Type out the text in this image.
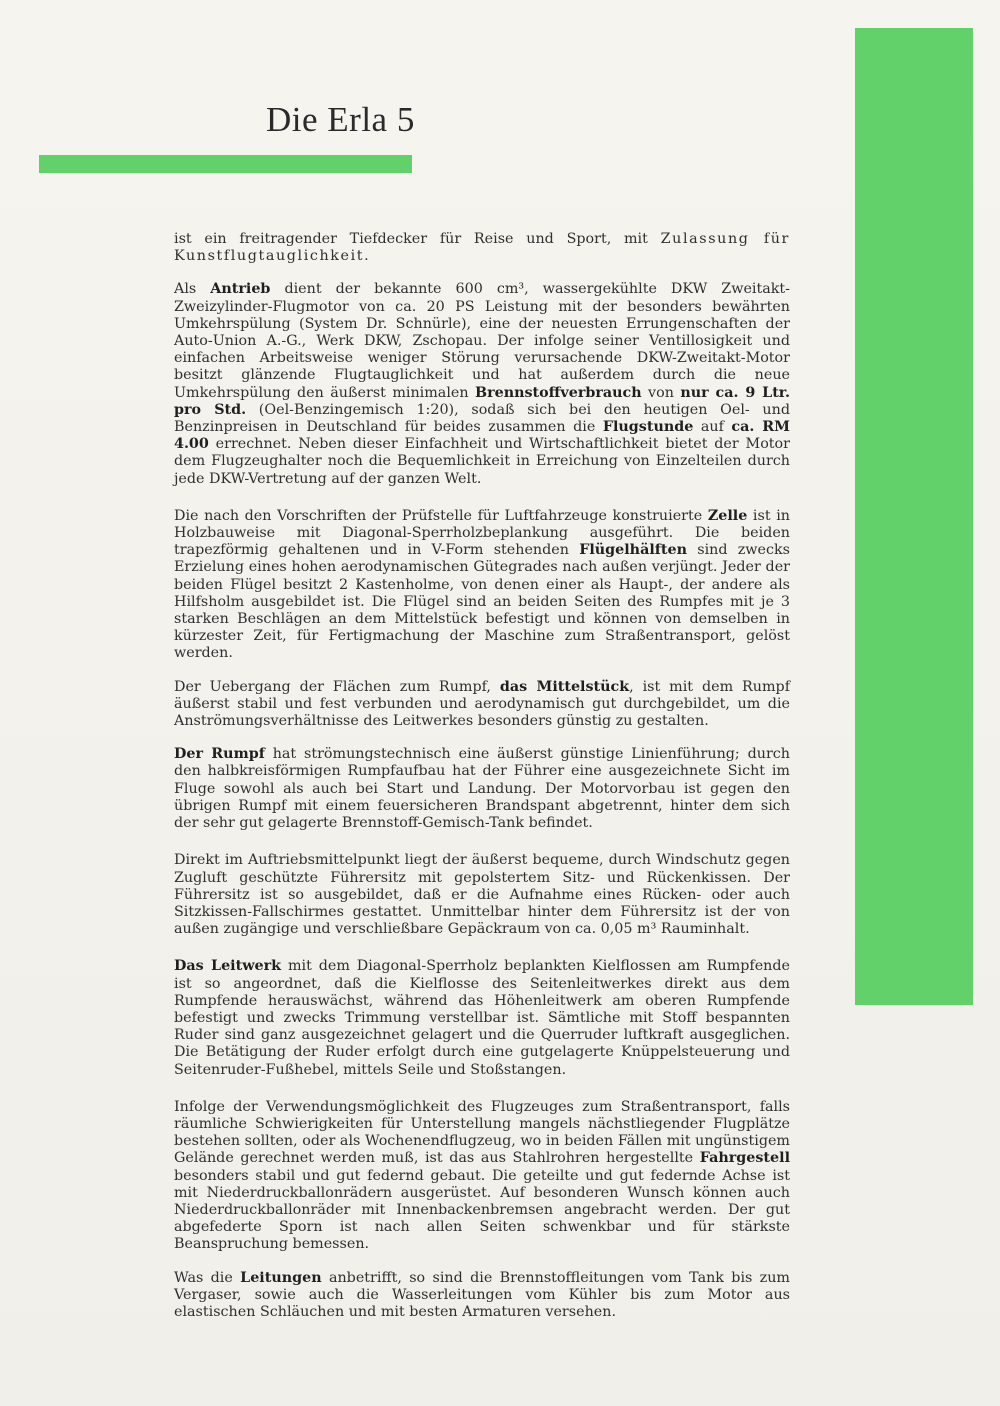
Die Erla 5

ist ein freitragender Tiefdecker für Reise und Sport, mit Zulassung für Kunstflugtauglichkeit.

Als Antrieb dient der bekannte 600 cm³, wassergekühlte DKW Zweitakt-Zweizylinder-Flugmotor von ca. 20 PS Leistung mit der besonders bewährten Umkehrspülung (System Dr. Schnürle), eine der neuesten Errungenschaften der Auto-Union A.-G., Werk DKW, Zschopau. Der infolge seiner Ventillosigkeit und einfachen Arbeitsweise weniger Störung verursachende DKW-Zweitakt-Motor besitzt glänzende Flugtauglichkeit und hat außerdem durch die neue Umkehrspülung den äußerst minimalen Brennstoffverbrauch von nur ca. 9 Ltr. pro Std. (Oel-Benzingemisch 1:20), sodaß sich bei den heutigen Oel- und Benzinpreisen in Deutschland für beides zusammen die Flugstunde auf ca. RM 4.00 errechnet. Neben dieser Einfachheit und Wirtschaftlichkeit bietet der Motor dem Flugzeughalter noch die Bequemlichkeit in Erreichung von Einzelteilen durch jede DKW-Vertretung auf der ganzen Welt.

Die nach den Vorschriften der Prüfstelle für Luftfahrzeuge konstruierte Zelle ist in Holzbauweise mit Diagonal-Sperrholzbeplankung ausgeführt. Die beiden trapezförmig gehaltenen und in V-Form stehenden Flügelhälften sind zwecks Erzielung eines hohen aerodynamischen Gütegrades nach außen verjüngt. Jeder der beiden Flügel besitzt 2 Kastenholme, von denen einer als Haupt-, der andere als Hilfsholm ausgebildet ist. Die Flügel sind an beiden Seiten des Rumpfes mit je 3 starken Beschlägen an dem Mittelstück befestigt und können von demselben in kürzester Zeit, für Fertigmachung der Maschine zum Straßentransport, gelöst werden.

Der Uebergang der Flächen zum Rumpf, das Mittelstück, ist mit dem Rumpf äußerst stabil und fest verbunden und aerodynamisch gut durchgebildet, um die Anströmungsverhältnisse des Leitwerkes besonders günstig zu gestalten.

Der Rumpf hat strömungstechnisch eine äußerst günstige Linienführung; durch den halbkreisförmigen Rumpfaufbau hat der Führer eine ausgezeichnete Sicht im Fluge sowohl als auch bei Start und Landung. Der Motorvorbau ist gegen den übrigen Rumpf mit einem feuersicheren Brandspant abgetrennt, hinter dem sich der sehr gut gelagerte Brennstoff-Gemisch-Tank befindet.

Direkt im Auftriebsmittelpunkt liegt der äußerst bequeme, durch Windschutz gegen Zugluft geschützte Führersitz mit gepolstertem Sitz- und Rückenkissen. Der Führersitz ist so ausgebildet, daß er die Aufnahme eines Rücken- oder auch Sitzkissen-Fallschirmes gestattet. Unmittelbar hinter dem Führersitz ist der von außen zugängige und verschließbare Gepäckraum von ca. 0,05 m³ Rauminhalt.

Das Leitwerk mit dem Diagonal-Sperrholz beplankten Kielflossen am Rumpfende ist so angeordnet, daß die Kielflosse des Seitenleitwerkes direkt aus dem Rumpfende herauswächst, während das Höhenleitwerk am oberen Rumpfende befestigt und zwecks Trimmung verstellbar ist. Sämtliche mit Stoff bespannten Ruder sind ganz ausgezeichnet gelagert und die Querruder luftkraft ausgeglichen. Die Betätigung der Ruder erfolgt durch eine gutgelagerte Knüppelsteuerung und Seitenruder-Fußhebel, mittels Seile und Stoßstangen.

Infolge der Verwendungsmöglichkeit des Flugzeuges zum Straßentransport, falls räumliche Schwierigkeiten für Unterstellung mangels nächstliegender Flugplätze bestehen sollten, oder als Wochenendflugzeug, wo in beiden Fällen mit ungünstigem Gelände gerechnet werden muß, ist das aus Stahlrohren hergestellte Fahrgestell besonders stabil und gut federnd gebaut. Die geteilte und gut federnde Achse ist mit Niederdruckballonrädern ausgerüstet. Auf besonderen Wunsch können auch Niederdruckballonräder mit Innenbackenbremsen angebracht werden. Der gut abgefederte Sporn ist nach allen Seiten schwenkbar und für stärkste Beanspruchung bemessen.

Was die Leitungen anbetrifft, so sind die Brennstoffleitungen vom Tank bis zum Vergaser, sowie auch die Wasserleitungen vom Kühler bis zum Motor aus elastischen Schläuchen und mit besten Armaturen versehen.
